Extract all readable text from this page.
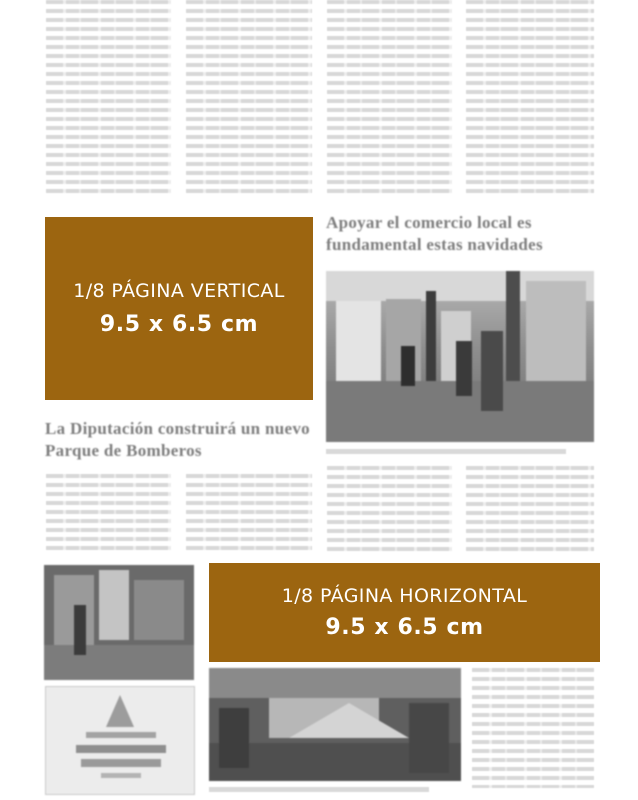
1/8 PÁGINA VERTICAL
9.5 x 6.5 cm
Apoyar el comercio local es fundamental estas navidades
La Diputación construirá un nuevo Parque de Bomberos
1/8 PÁGINA HORIZONTAL
9.5 x 6.5 cm
